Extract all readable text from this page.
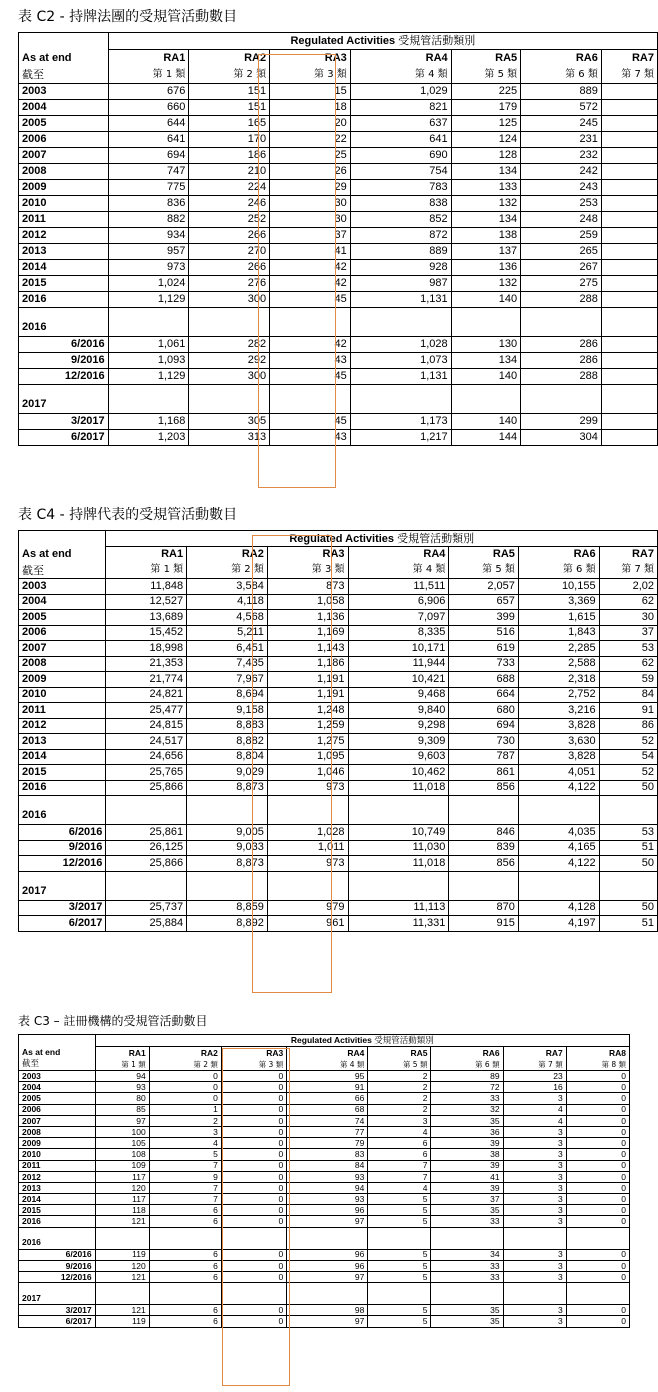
表 C2 - 持牌法團的受規管活動數目
	Regulated Activities 受規管活動類別						
As at end	RA1	RA2	RA3	RA4	RA5	RA6	RA7
截至	第 1 類	第 2 類	第 3 類	第 4 類	第 5 類	第 6 類	第 7 類
2003	676	151	15	1,029	225	889	
2004	660	151	18	821	179	572	
2005	644	165	20	637	125	245	
2006	641	170	22	641	124	231	
2007	694	186	25	690	128	232	
2008	747	210	26	754	134	242	
2009	775	224	29	783	133	243	
2010	836	246	30	838	132	253	
2011	882	252	30	852	134	248	
2012	934	266	37	872	138	259	
2013	957	270	41	889	137	265	
2014	973	266	42	928	136	267	
2015	1,024	276	42	987	132	275	
2016	1,129	300	45	1,131	140	288	

2016							
6/2016	1,061	282	42	1,028	130	286	
9/2016	1,093	292	43	1,073	134	286	
12/2016	1,129	300	45	1,131	140	288	

2017							
3/2017	1,168	305	45	1,173	140	299	
6/2017	1,203	313	43	1,217	144	304	
表 C4 - 持牌代表的受規管活動數目
	Regulated Activities 受規管活動類別						
As at end	RA1	RA2	RA3	RA4	RA5	RA6	RA7
截至	第 1 類	第 2 類	第 3 類	第 4 類	第 5 類	第 6 類	第 7 類
2003	11,848	3,584	873	11,511	2,057	10,155	2,02
2004	12,527	4,118	1,058	6,906	657	3,369	62
2005	13,689	4,568	1,136	7,097	399	1,615	30
2006	15,452	5,211	1,169	8,335	516	1,843	37
2007	18,998	6,451	1,143	10,171	619	2,285	53
2008	21,353	7,435	1,186	11,944	733	2,588	62
2009	21,774	7,967	1,191	10,421	688	2,318	59
2010	24,821	8,694	1,191	9,468	664	2,752	84
2011	25,477	9,158	1,248	9,840	680	3,216	91
2012	24,815	8,883	1,259	9,298	694	3,828	86
2013	24,517	8,882	1,275	9,309	730	3,630	52
2014	24,656	8,804	1,095	9,603	787	3,828	54
2015	25,765	9,029	1,046	10,462	861	4,051	52
2016	25,866	8,873	973	11,018	856	4,122	50

2016							
6/2016	25,861	9,005	1,028	10,749	846	4,035	53
9/2016	26,125	9,033	1,011	11,030	839	4,165	51
12/2016	25,866	8,873	973	11,018	856	4,122	50

2017							
3/2017	25,737	8,859	979	11,113	870	4,128	50
6/2017	25,884	8,892	961	11,331	915	4,197	51
表 C3 – 註冊機構的受規管活動數目
	Regulated Activities 受規管活動類別							
As at end	RA1	RA2	RA3	RA4	RA5	RA6	RA7	RA8
截至	第 1 類	第 2 類	第 3 類	第 4 類	第 5 類	第 6 類	第 7 類	第 8 類
2003	94	0	0	95	2	89	23	0
2004	93	0	0	91	2	72	16	0
2005	80	0	0	66	2	33	3	0
2006	85	1	0	68	2	32	4	0
2007	97	2	0	74	3	35	4	0
2008	100	3	0	77	4	36	3	0
2009	105	4	0	79	6	39	3	0
2010	108	5	0	83	6	38	3	0
2011	109	7	0	84	7	39	3	0
2012	117	9	0	93	7	41	3	0
2013	120	7	0	94	4	39	3	0
2014	117	7	0	93	5	37	3	0
2015	118	6	0	96	5	35	3	0
2016	121	6	0	97	5	33	3	0

2016								
6/2016	119	6	0	96	5	34	3	0
9/2016	120	6	0	96	5	33	3	0
12/2016	121	6	0	97	5	33	3	0

2017								
3/2017	121	6	0	98	5	35	3	0
6/2017	119	6	0	97	5	35	3	0
